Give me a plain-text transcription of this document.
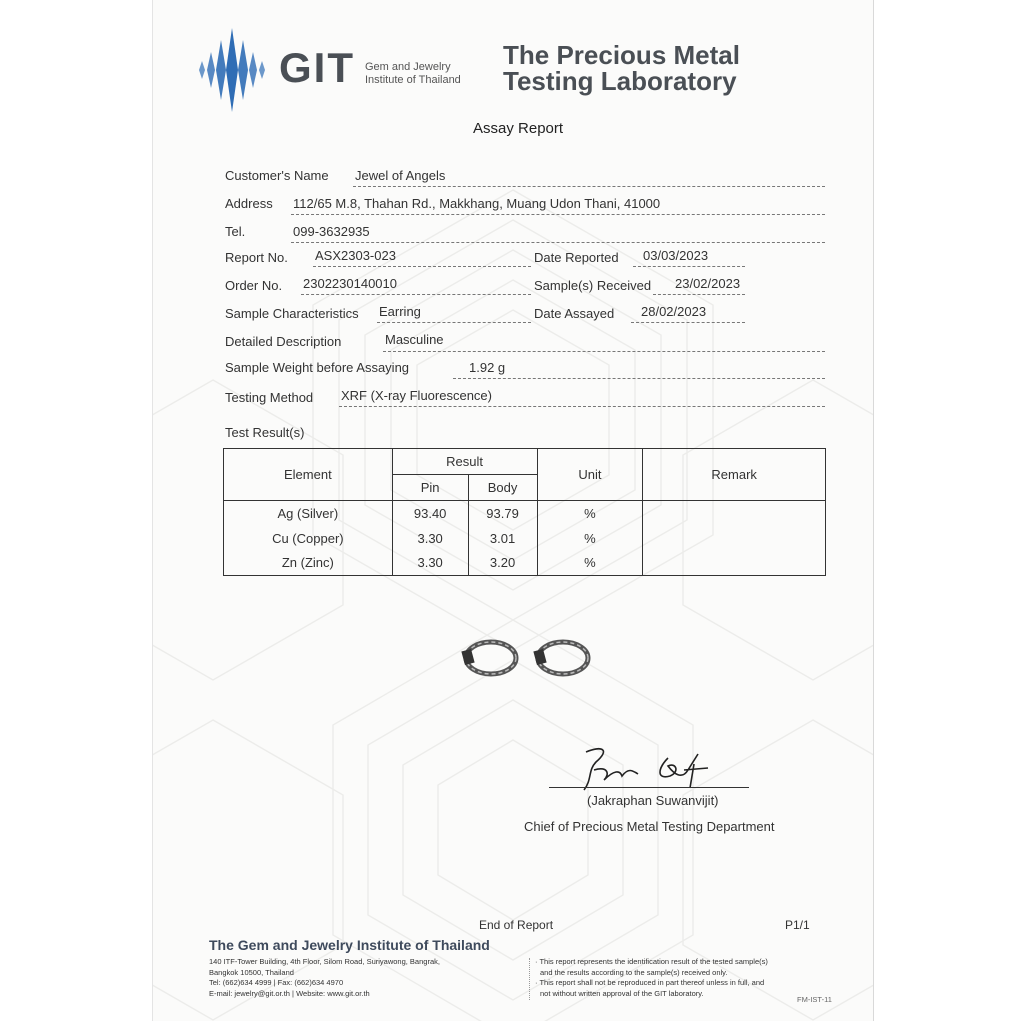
GIT Gem and Jewelry
Institute of Thailand
The Precious Metal
Testing Laboratory
Assay Report
Customer's Name Jewel of Angels
Address 112/65 M.8, Thahan Rd., Makkhang, Muang Udon Thani, 41000
Tel.	099-3632935
Report No. ASX2303-023	Date Reported 03/03/2023
Order No. 2302230140010	Sample(s) Received 23/02/2023
Sample Characteristics Earring	Date Assayed 28/02/2023
Detailed Description	Masculine
Sample Weight before Assaying	1.92 g
Testing Method XRF (X-ray Fluorescence)
Test Result(s)
Element	Result		Unit	Remark
	Pin	Body		
Ag (Silver)	93.40	93.79	%	
Cu (Copper)	3.30	3.01	%	
Zn (Zinc)	3.30	3.20	%	
(Jakraphan Suwanvijit)
Chief of Precious Metal Testing Department
End of Report	P1/1
The Gem and Jewelry Institute of Thailand
140 ITF-Tower Building, 4th Floor, Silom Road, Suriyawong, Bangrak,
Bangkok 10500, Thailand
Tel: (662)634 4999 | Fax: (662)634 4970
E-mail: jewelry@git.or.th | Website: www.git.or.th
· This report represents the identification result of the tested sample(s)
and the results according to the sample(s) received only.
· This report shall not be reproduced in part thereof unless in full, and
not without written approval of the GIT laboratory.
FM-IST-11
